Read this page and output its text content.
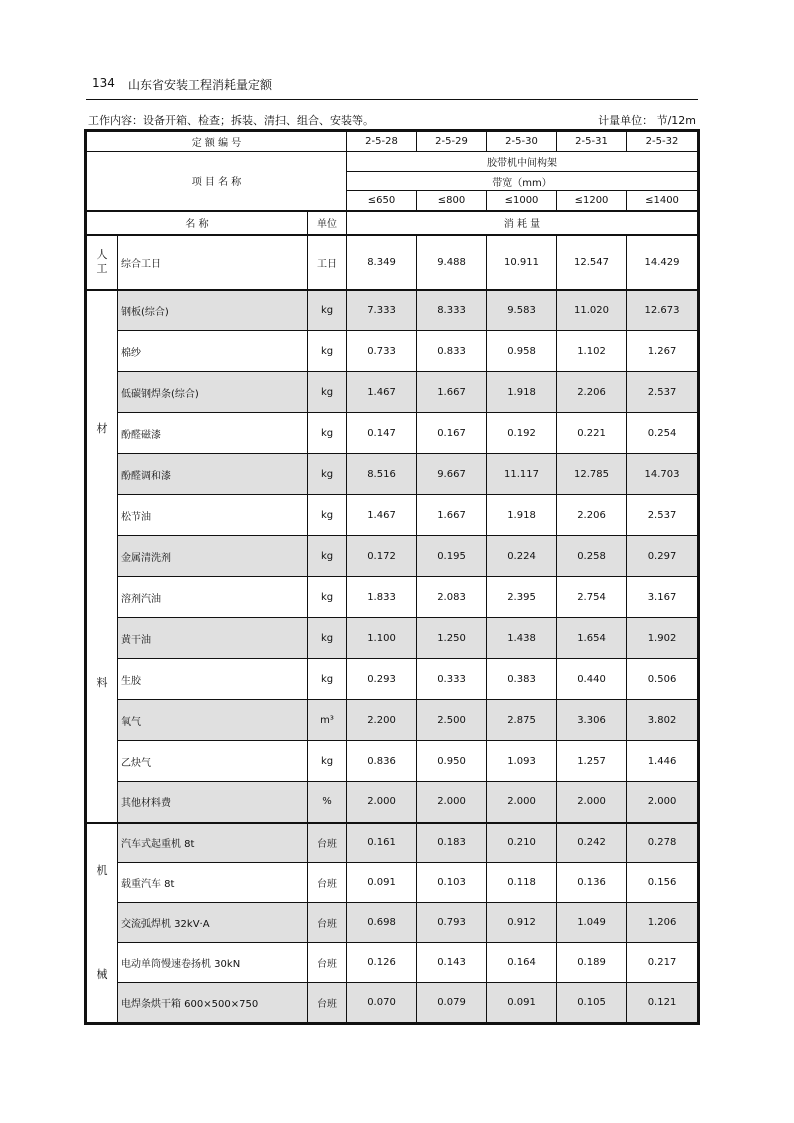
134 山东省安装工程消耗量定额
工作内容：设备开箱、检查；拆装、清扫、组合、安装等。	计量单位： 节/12m
定 额 编 号			2-5-28	2-5-29	2-5-30	2-5-31	2-5-32
项 目 名 称			胶带机中间构架				
			带宽（mm）				
			≤650	≤800	≤1000	≤1200	≤1400
名 称		单位	消 耗 量				

人工	综合工日	工日	8.349	9.488	10.911	12.547	14.429

材
料	钢板(综合)	kg	7.333	8.333	9.583	11.020	12.673
	棉纱	kg	0.733	0.833	0.958	1.102	1.267
	低碳钢焊条(综合)	kg	1.467	1.667	1.918	2.206	2.537
	酚醛磁漆	kg	0.147	0.167	0.192	0.221	0.254
	酚醛调和漆	kg	8.516	9.667	11.117	12.785	14.703
	松节油	kg	1.467	1.667	1.918	2.206	2.537
	金属清洗剂	kg	0.172	0.195	0.224	0.258	0.297
	溶剂汽油	kg	1.833	2.083	2.395	2.754	3.167
	黄干油	kg	1.100	1.250	1.438	1.654	1.902
	生胶	kg	0.293	0.333	0.383	0.440	0.506
	氧气	m³	2.200	2.500	2.875	3.306	3.802
	乙炔气	kg	0.836	0.950	1.093	1.257	1.446
	其他材料费	%	2.000	2.000	2.000	2.000	2.000

机
械	汽车式起重机 8t	台班	0.161	0.183	0.210	0.242	0.278
	载重汽车 8t	台班	0.091	0.103	0.118	0.136	0.156
	交流弧焊机 32kV·A	台班	0.698	0.793	0.912	1.049	1.206
	电动单筒慢速卷扬机 30kN	台班	0.126	0.143	0.164	0.189	0.217
	电焊条烘干箱 600×500×750	台班	0.070	0.079	0.091	0.105	0.121
